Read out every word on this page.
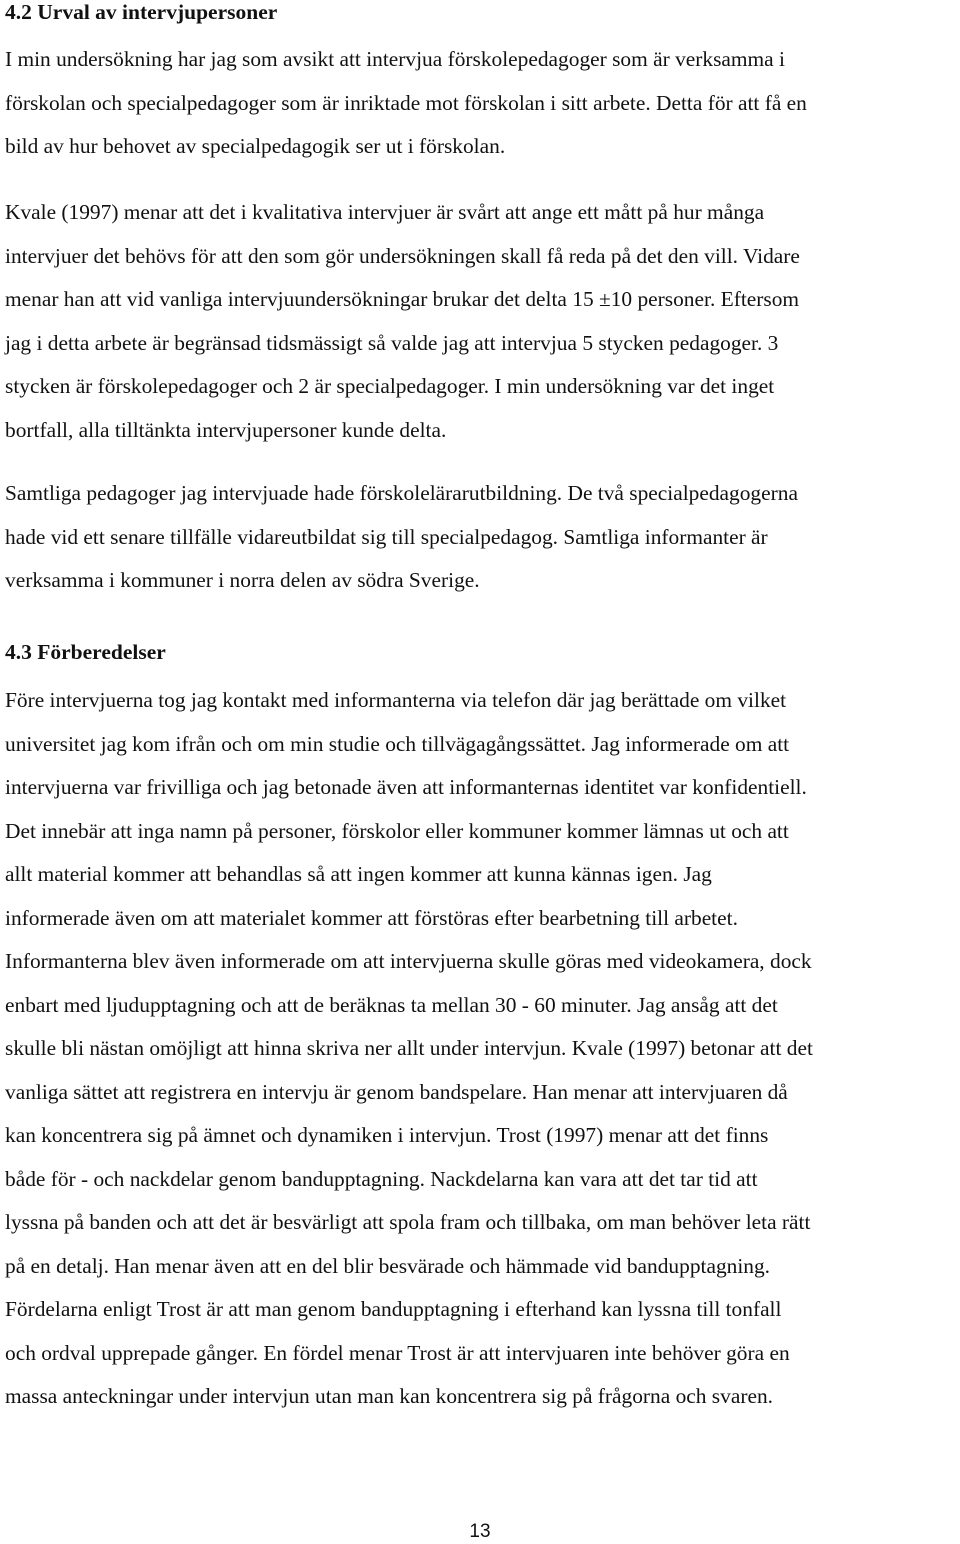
4.2 Urval av intervjupersoner

I min undersökning har jag som avsikt att intervjua förskolepedagoger som är verksamma i
förskolan och specialpedagoger som är inriktade mot förskolan i sitt arbete. Detta för att få en
bild av hur behovet av specialpedagogik ser ut i förskolan.

Kvale (1997) menar att det i kvalitativa intervjuer är svårt att ange ett mått på hur många
intervjuer det behövs för att den som gör undersökningen skall få reda på det den vill. Vidare
menar han att vid vanliga intervjuundersökningar brukar det delta 15 ±10 personer. Eftersom
jag i detta arbete är begränsad tidsmässigt så valde jag att intervjua 5 stycken pedagoger. 3
stycken är förskolepedagoger och 2 är specialpedagoger. I min undersökning var det inget
bortfall, alla tilltänkta intervjupersoner kunde delta.

Samtliga pedagoger jag intervjuade hade förskolelärarutbildning. De två specialpedagogerna
hade vid ett senare tillfälle vidareutbildat sig till specialpedagog. Samtliga informanter är
verksamma i kommuner i norra delen av södra Sverige.

4.3 Förberedelser

Före intervjuerna tog jag kontakt med informanterna via telefon där jag berättade om vilket
universitet jag kom ifrån och om min studie och tillvägagångssättet. Jag informerade om att
intervjuerna var frivilliga och jag betonade även att informanternas identitet var konfidentiell.
Det innebär att inga namn på personer, förskolor eller kommuner kommer lämnas ut och att
allt material kommer att behandlas så att ingen kommer att kunna kännas igen. Jag
informerade även om att materialet kommer att förstöras efter bearbetning till arbetet.
Informanterna blev även informerade om att intervjuerna skulle göras med videokamera, dock
enbart med ljudupptagning och att de beräknas ta mellan 30 - 60 minuter. Jag ansåg att det
skulle bli nästan omöjligt att hinna skriva ner allt under intervjun. Kvale (1997) betonar att det
vanliga sättet att registrera en intervju är genom bandspelare. Han menar att intervjuaren då
kan koncentrera sig på ämnet och dynamiken i intervjun. Trost (1997) menar att det finns
både för - och nackdelar genom bandupptagning. Nackdelarna kan vara att det tar tid att
lyssna på banden och att det är besvärligt att spola fram och tillbaka, om man behöver leta rätt
på en detalj. Han menar även att en del blir besvärade och hämmade vid bandupptagning.
Fördelarna enligt Trost är att man genom bandupptagning i efterhand kan lyssna till tonfall
och ordval upprepade gånger. En fördel menar Trost är att intervjuaren inte behöver göra en
massa anteckningar under intervjun utan man kan koncentrera sig på frågorna och svaren.

13
